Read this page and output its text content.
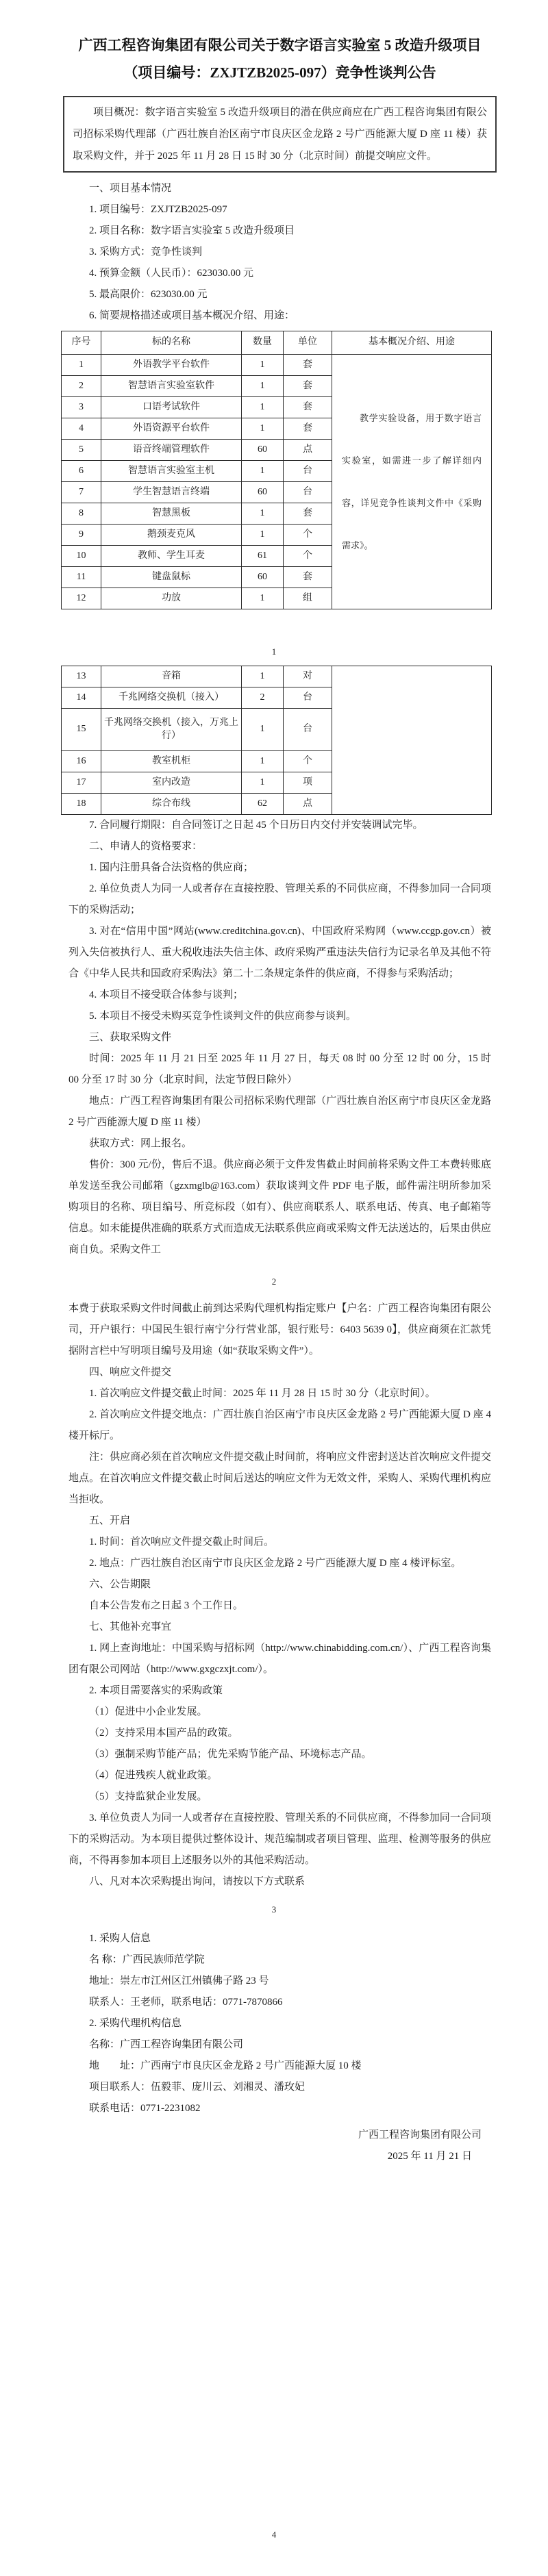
广西工程咨询集团有限公司关于数字语言实验室 5 改造升级项目
（项目编号：ZXJTZB2025-097）竞争性谈判公告
项目概况：数字语言实验室 5 改造升级项目的潜在供应商应在广西工程咨询集团有限公司招标采购代理部（广西壮族自治区南宁市良庆区金龙路 2 号广西能源大厦 D 座 11 楼）获取采购文件，并于 2025 年 11 月 28 日 15 时 30 分（北京时间）前提交响应文件。

一、项目基本情况

1. 项目编号：ZXJTZB2025-097

2. 项目名称：数字语言实验室 5 改造升级项目

3. 采购方式：竞争性谈判

4. 预算金额（人民币）：623030.00 元

5. 最高限价：623030.00 元

6. 简要规格描述或项目基本概况介绍、用途：

序号	标的名称	数量	单位	基本概况介绍、用途
1	外语教学平台软件	1	套	教学实验设备，用于数字语言实验室，如需进一步了解详细内容，详见竞争性谈判文件中《采购需求》。
2	智慧语言实验室软件	1	套	
3	口语考试软件	1	套	
4	外语资源平台软件	1	套	
5	语音终端管理软件	60	点	
6	智慧语言实验室主机	1	台	
7	学生智慧语言终端	60	台	
8	智慧黑板	1	套	
9	鹅颈麦克风	1	个	
10	教师、学生耳麦	61	个	
11	键盘鼠标	60	套	
12	功放	1	组	
1
13	音箱	1	对	
14	千兆网络交换机（接入）	2	台	
15	千兆网络交换机（接入，万兆上行）	1	台	
16	教室机柜	1	个	
17	室内改造	1	项	
18	综合布线	62	点	

7. 合同履行期限：自合同签订之日起 45 个日历日内交付并安装调试完毕。

二、申请人的资格要求：

1. 国内注册具备合法资格的供应商；

2. 单位负责人为同一人或者存在直接控股、管理关系的不同供应商，不得参加同一合同项下的采购活动；

3. 对在“信用中国”网站(www.creditchina.gov.cn)、中国政府采购网（www.ccgp.gov.cn）被列入失信被执行人、重大税收违法失信主体、政府采购严重违法失信行为记录名单及其他不符合《中华人民共和国政府采购法》第二十二条规定条件的供应商，不得参与采购活动；

4. 本项目不接受联合体参与谈判；

5. 本项目不接受未购买竞争性谈判文件的供应商参与谈判。

三、获取采购文件

时间：2025 年 11 月 21 日至 2025 年 11 月 27 日，每天 08 时 00 分至 12 时 00 分，15 时 00 分至 17 时 30 分（北京时间，法定节假日除外）

地点：广西工程咨询集团有限公司招标采购代理部（广西壮族自治区南宁市良庆区金龙路 2 号广西能源大厦 D 座 11 楼）

获取方式：网上报名。

售价：300 元/份，售后不退。供应商必须于文件发售截止时间前将采购文件工本费转账底单发送至我公司邮箱（gzxmglb@163.com）获取谈判文件 PDF 电子版，邮件需注明所参加采购项目的名称、项目编号、所竞标段（如有）、供应商联系人、联系电话、传真、电子邮箱等信息。如未能提供准确的联系方式而造成无法联系供应商或采购文件无法送达的，后果由供应商自负。采购文件工

2

本费于获取采购文件时间截止前到达采购代理机构指定账户【户名：广西工程咨询集团有限公司，开户银行：中国民生银行南宁分行营业部，银行账号：6403 5639 0】，供应商须在汇款凭据附言栏中写明项目编号及用途（如“获取采购文件”）。

四、响应文件提交

1. 首次响应文件提交截止时间：2025 年 11 月 28 日 15 时 30 分（北京时间）。

2. 首次响应文件提交地点：广西壮族自治区南宁市良庆区金龙路 2 号广西能源大厦 D 座 4 楼开标厅。

注：供应商必须在首次响应文件提交截止时间前，将响应文件密封送达首次响应文件提交地点。在首次响应文件提交截止时间后送达的响应文件为无效文件，采购人、采购代理机构应当拒收。

五、开启

1. 时间：首次响应文件提交截止时间后。

2. 地点：广西壮族自治区南宁市良庆区金龙路 2 号广西能源大厦 D 座 4 楼评标室。

六、公告期限

自本公告发布之日起 3 个工作日。

七、其他补充事宜

1. 网上查询地址：中国采购与招标网（http://www.chinabidding.com.cn/）、广西工程咨询集团有限公司网站（http://www.gxgczxjt.com/）。

2. 本项目需要落实的采购政策

（1）促进中小企业发展。

（2）支持采用本国产品的政策。

（3）强制采购节能产品；优先采购节能产品、环境标志产品。

（4）促进残疾人就业政策。

（5）支持监狱企业发展。

3. 单位负责人为同一人或者存在直接控股、管理关系的不同供应商，不得参加同一合同项下的采购活动。为本项目提供过整体设计、规范编制或者项目管理、监理、检测等服务的供应商，不得再参加本项目上述服务以外的其他采购活动。

八、凡对本次采购提出询问，请按以下方式联系

3

1. 采购人信息

名 称：广西民族师范学院

地址：崇左市江州区江州镇佛子路 23 号

联系人：王老师，联系电话：0771-7870866

2. 采购代理机构信息

名称：广西工程咨询集团有限公司

地　　址：广西南宁市良庆区金龙路 2 号广西能源大厦 10 楼

项目联系人：伍毅菲、庞川云、刘湘灵、潘玫妃

联系电话：0771-2231082

广西工程咨询集团有限公司

2025 年 11 月 21 日

4
